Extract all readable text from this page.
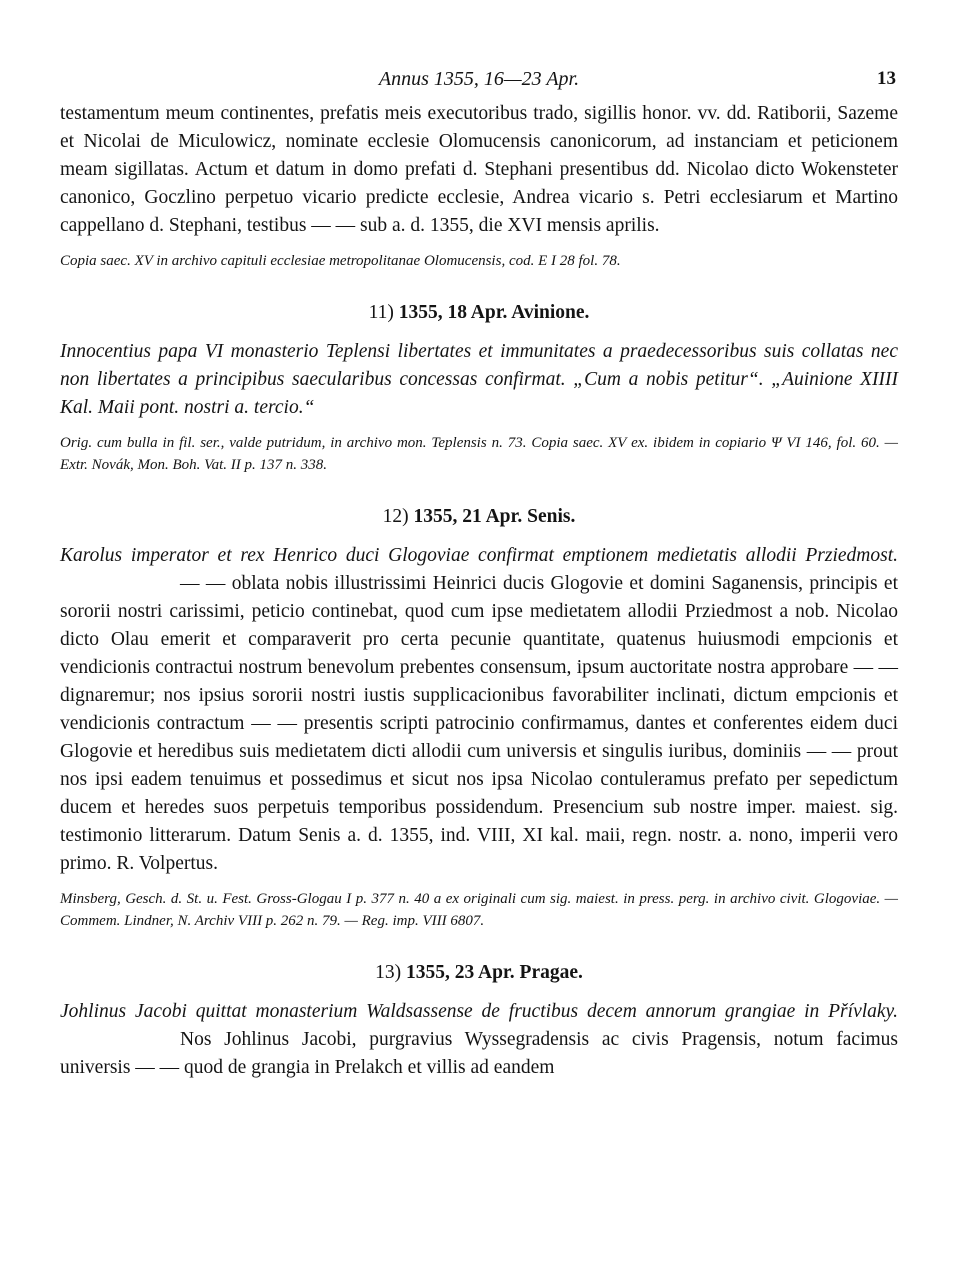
Annus 1355, 16—23 Apr.	13

testamentum meum continentes, prefatis meis executoribus trado, sigillis honor. vv. dd. Ratiborii, Sazeme et Nicolai de Miculowicz, nominate ecclesie Olomucensis canonicorum, ad instanciam et peticionem meam sigillatas. Actum et datum in domo prefati d. Stephani presentibus dd. Nicolao dicto Wokensteter canonico, Goczlino perpetuo vicario predicte ecclesie, Andrea vicario s. Petri ecclesiarum et Martino cappellano d. Stephani, testibus — — sub a. d. 1355, die XVI mensis aprilis.

Copia saec. XV in archivo capituli ecclesiae metropolitanae Olomucensis, cod. E I 28 fol. 78.

11) 1355, 18 Apr. Avinione.

Innocentius papa VI monasterio Teplensi libertates et immunitates a praedecessoribus suis collatas nec non libertates a principibus saecularibus concessas confirmat. „Cum a nobis petitur“. „Auinione XIIII Kal. Maii pont. nostri a. tercio.“

Orig. cum bulla in fil. ser., valde putridum, in archivo mon. Teplensis n. 73. Copia saec. XV ex. ibidem in copiario Ψ VI 146, fol. 60. — Extr. Novák, Mon. Boh. Vat. II p. 137 n. 338.

12) 1355, 21 Apr. Senis.

Karolus imperator et rex Henrico duci Glogoviae confirmat emptionem medietatis allodii Prziedmost.— — oblata nobis illustrissimi Heinrici ducis Glogovie et domini Saganensis, principis et sororii nostri carissimi, peticio continebat, quod cum ipse medietatem allodii Prziedmost a nob. Nicolao dicto Olau emerit et comparaverit pro certa pecunie quantitate, quatenus huiusmodi empcionis et vendicionis contractui nostrum benevolum prebentes consensum, ipsum auctoritate nostra approbare — — dignaremur; nos ipsius sororii nostri iustis supplicacionibus favorabiliter inclinati, dictum empcionis et vendicionis contractum — — presentis scripti patrocinio confirmamus, dantes et conferentes eidem duci Glogovie et heredibus suis medietatem dicti allodii cum universis et singulis iuribus, dominiis — — prout nos ipsi eadem tenuimus et possedimus et sicut nos ipsa Nicolao contuleramus prefato per sepedictum ducem et heredes suos perpetuis temporibus possidendum. Presencium sub nostre imper. maiest. sig. testimonio litterarum. Datum Senis a. d. 1355, ind. VIII, XI kal. maii, regn. nostr. a. nono, imperii vero primo. R. Volpertus.

Minsberg, Gesch. d. St. u. Fest. Gross-Glogau I p. 377 n. 40 a ex originali cum sig. maiest. in press. perg. in archivo civit. Glogoviae. — Commem. Lindner, N. Archiv VIII p. 262 n. 79. — Reg. imp. VIII 6807.

13) 1355, 23 Apr. Pragae.

Johlinus Jacobi quittat monasterium Waldsassense de fructibus decem annorum grangiae in Přívlaky.Nos Johlinus Jacobi, purgravius Wyssegradensis ac civis Pragensis, notum facimus universis — — quod de grangia in Prelakch et villis ad eandem
